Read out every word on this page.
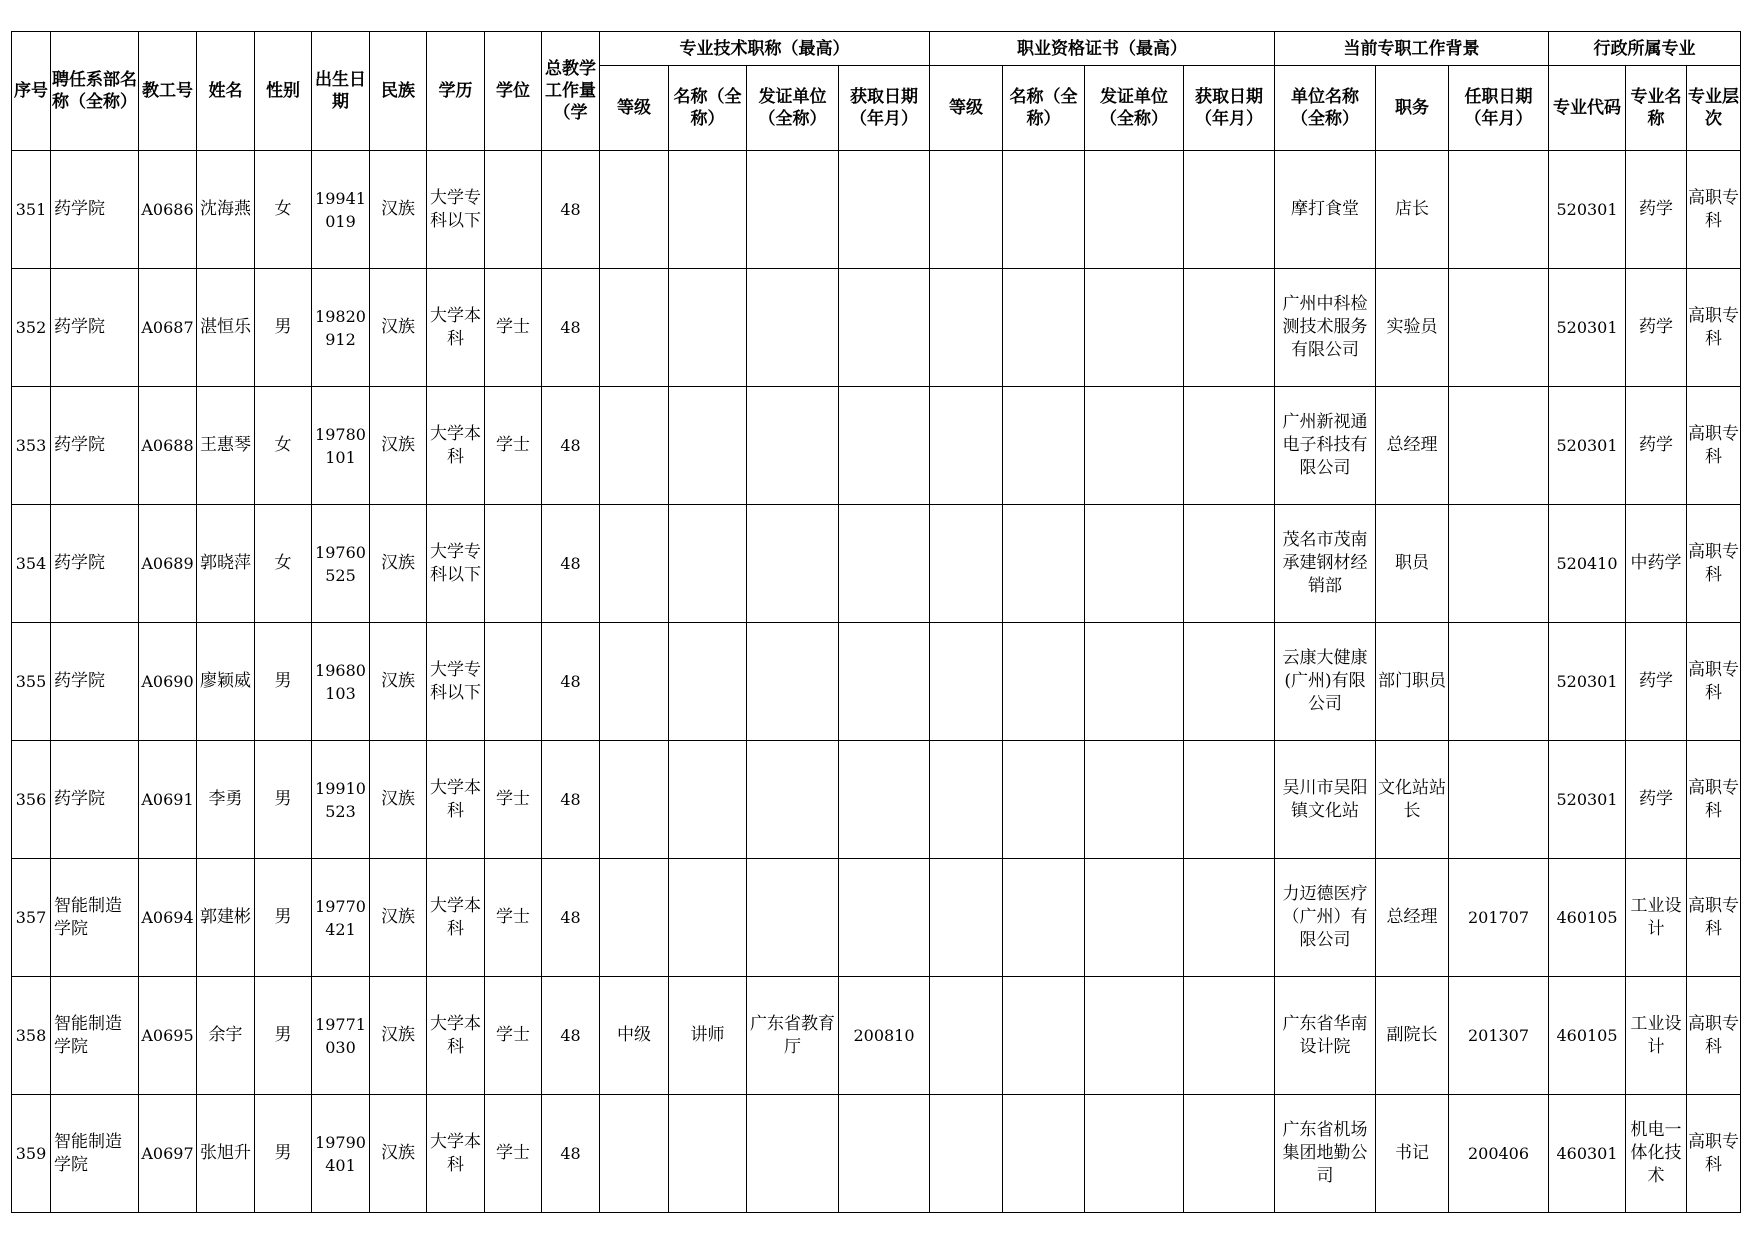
序号	聘任系部名称（全称）	教工号	姓名	性别	出生日期	民族	学历	学位	总教学工作量（学	专业技术职称（最高）				职业资格证书（最高）				当前专职工作背景			行政所属专业		
										等级	名称（全称）	发证单位（全称）	获取日期（年月）	等级	名称（全称）	发证单位（全称）	获取日期（年月）	单位名称（全称）	职务	任职日期（年月）	专业代码	专业名称	专业层次
351	药学院	A0686	沈海燕	女	19941019	汉族	大学专科以下		48									摩打食堂	店长		520301	药学	高职专科
352	药学院	A0687	湛恒乐	男	19820912	汉族	大学本科	学士	48									广州中科检测技术服务有限公司	实验员		520301	药学	高职专科
353	药学院	A0688	王惠琴	女	19780101	汉族	大学本科	学士	48									广州新视通电子科技有限公司	总经理		520301	药学	高职专科
354	药学院	A0689	郭晓萍	女	19760525	汉族	大学专科以下		48									茂名市茂南承建钢材经销部	职员		520410	中药学	高职专科
355	药学院	A0690	廖颖威	男	19680103	汉族	大学专科以下		48									云康大健康(广州)有限公司	部门职员		520301	药学	高职专科
356	药学院	A0691	李勇	男	19910523	汉族	大学本科	学士	48									吴川市吴阳镇文化站	文化站站长		520301	药学	高职专科
357	智能制造学院	A0694	郭建彬	男	19770421	汉族	大学本科	学士	48									力迈德医疗（广州）有限公司	总经理	201707	460105	工业设计	高职专科
358	智能制造学院	A0695	余宇	男	19771030	汉族	大学本科	学士	48	中级	讲师	广东省教育厅	200810					广东省华南设计院	副院长	201307	460105	工业设计	高职专科
359	智能制造学院	A0697	张旭升	男	19790401	汉族	大学本科	学士	48									广东省机场集团地勤公司	书记	200406	460301	机电一体化技术	高职专科
